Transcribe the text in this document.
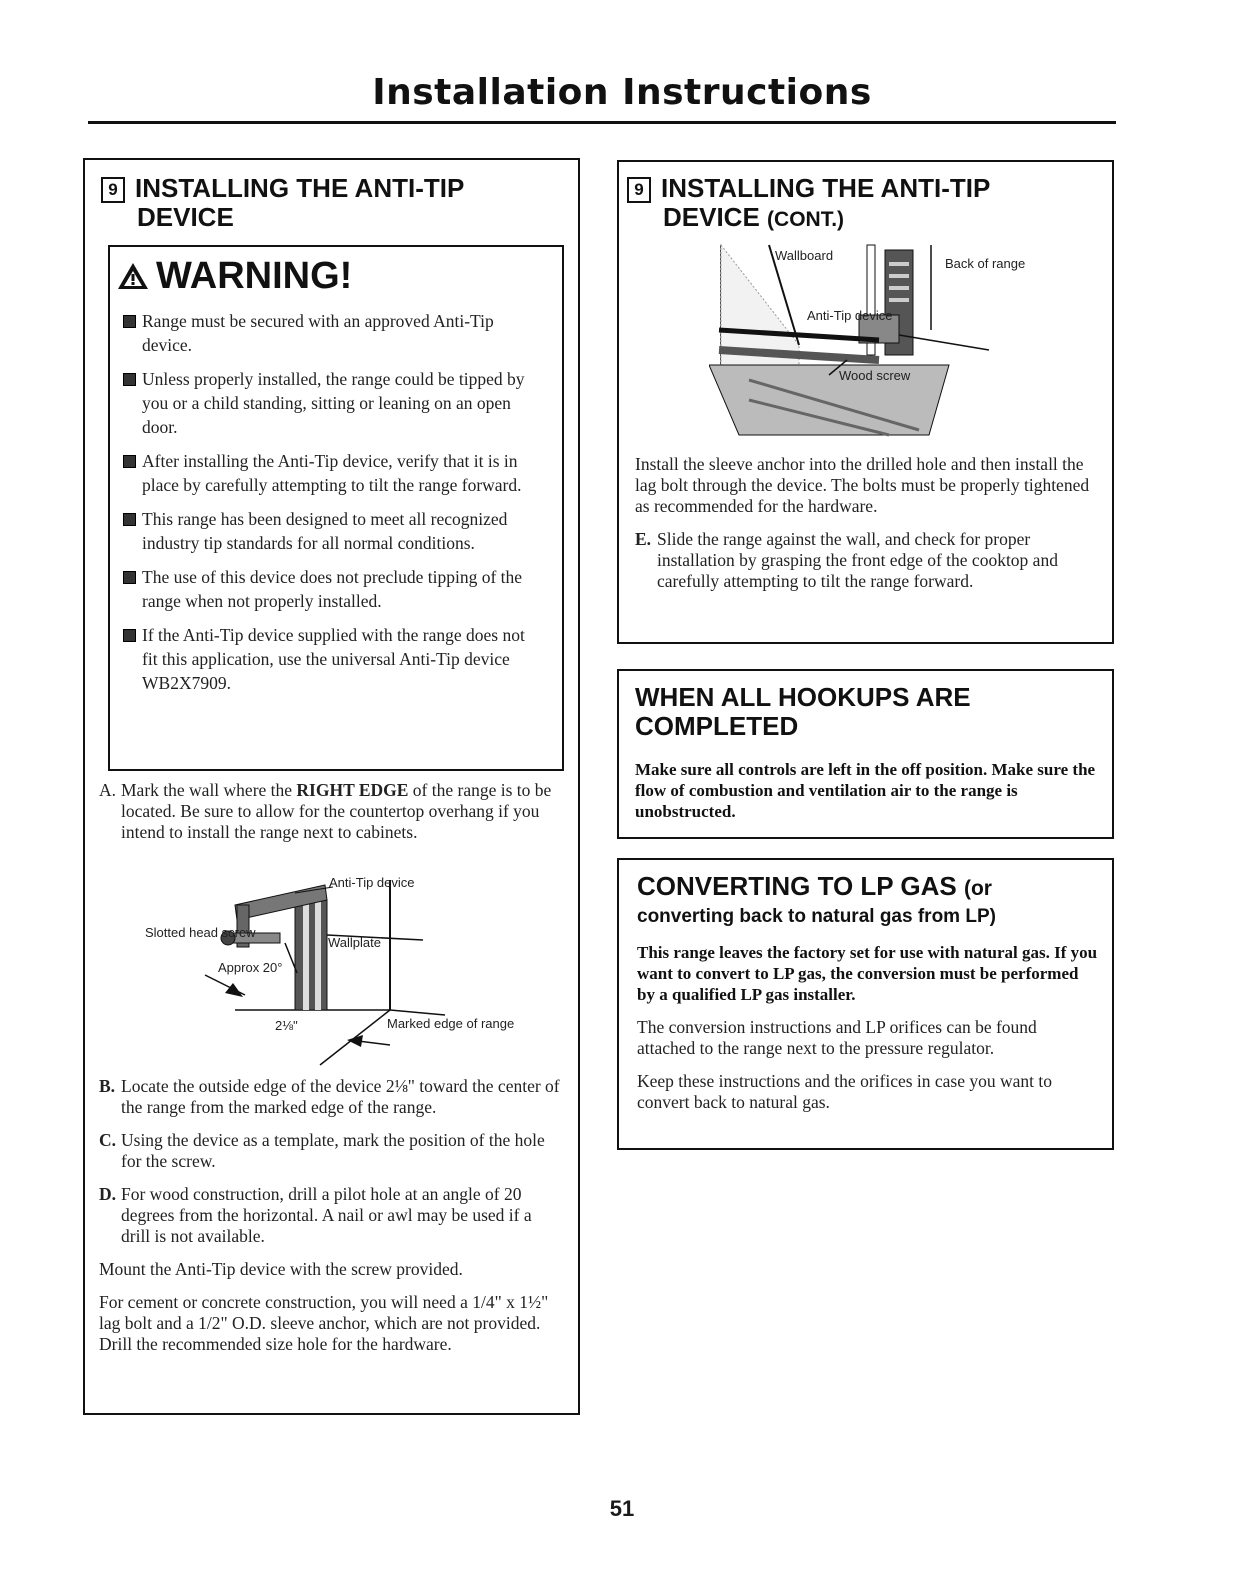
Installation Instructions
9 INSTALLING THE ANTI-TIP
DEVICE
WARNING!
Range must be secured with an approved Anti-Tip device.
Unless properly installed, the range could be tipped by you or a child standing, sitting or leaning on an open door.
After installing the Anti-Tip device, verify that it is in place by carefully attempting to tilt the range forward.
This range has been designed to meet all recognized industry tip standards for all normal conditions.
The use of this device does not preclude tipping of the range when not properly installed.
If the Anti-Tip device supplied with the range does not fit this application, use the universal Anti-Tip device WB2X7909.
A. Mark the wall where the RIGHT EDGE of the range is to be located. Be sure to allow for the countertop overhang if you intend to install the range next to cabinets.
Anti-Tip device
Slotted head screw
Wallplate
Approx 20°
2⅛"	Marked edge of range
B. Locate the outside edge of the device 2⅛" toward the center of the range from the marked edge of the range.
C. Using the device as a template, mark the position of the hole for the screw.
D. For wood construction, drill a pilot hole at an angle of 20 degrees from the horizontal. A nail or awl may be used if a drill is not available.
Mount the Anti-Tip device with the screw provided.
For cement or concrete construction, you will need a 1/4" x 1½" lag bolt and a 1/2" O.D. sleeve anchor, which are not provided. Drill the recommended size hole for the hardware.
9 INSTALLING THE ANTI-TIP
DEVICE (CONT.)
Wallboard
Back of range
Anti-Tip device
Wood screw
Install the sleeve anchor into the drilled hole and then install the lag bolt through the device. The bolts must be properly tightened as recommended for the hardware.
E. Slide the range against the wall, and check for proper installation by grasping the front edge of the cooktop and carefully attempting to tilt the range forward.
WHEN ALL HOOKUPS ARE
COMPLETED
Make sure all controls are left in the off position. Make sure the flow of combustion and ventilation air to the range is unobstructed.
CONVERTING TO LP GAS (or
converting back to natural gas from LP)
This range leaves the factory set for use with natural gas. If you want to convert to LP gas, the conversion must be performed by a qualified LP gas installer.
The conversion instructions and LP orifices can be found attached to the range next to the pressure regulator.
Keep these instructions and the orifices in case you want to convert back to natural gas.
51
